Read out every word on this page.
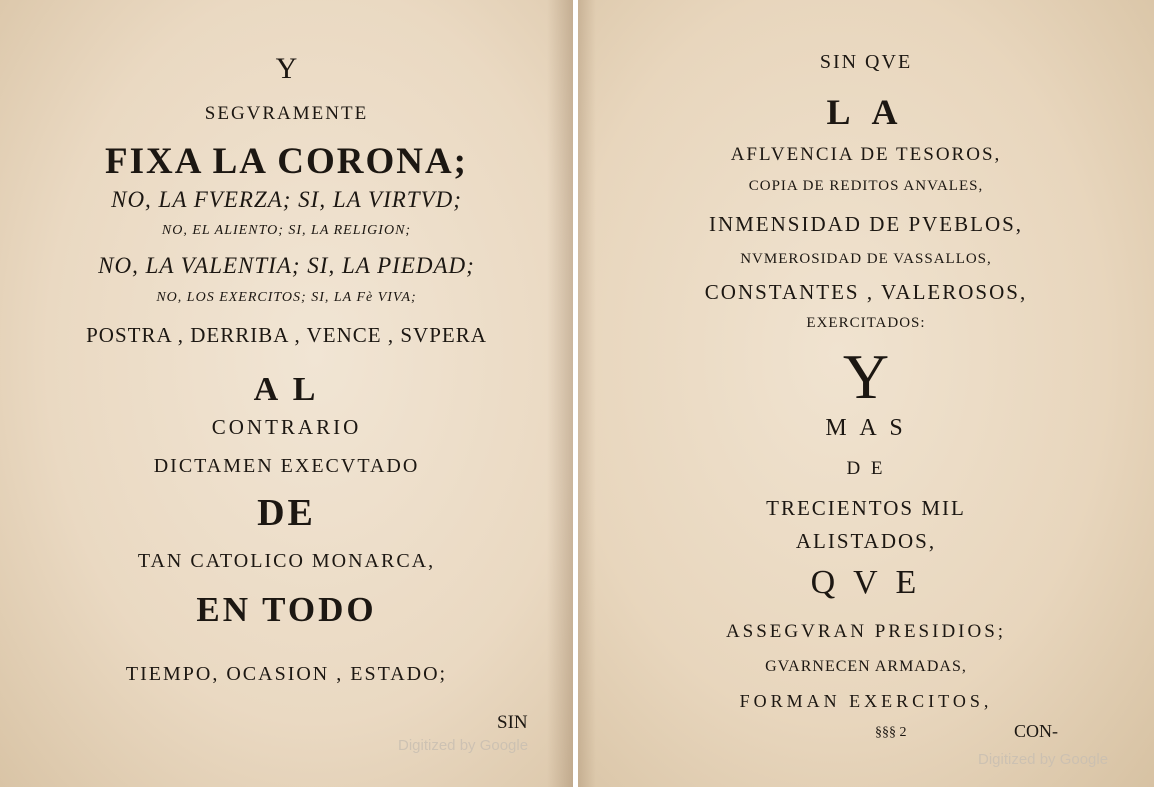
Y
SEGVRAMENTE
FIXA LA CORONA;
NO, LA FVERZA; SI, LA VIRTVD;
NO, EL ALIENTO; SI, LA RELIGION;
NO, LA VALENTIA; SI, LA PIEDAD;
NO, LOS EXERCITOS; SI, LA Fè VIVA;
POSTRA , DERRIBA , VENCE , SVPERA
A L
CONTRARIO
DICTAMEN EXECVTADO
DE
TAN CATOLICO MONARCA,
EN TODO
TIEMPO, OCASION , ESTADO;
SIN
Digitized by Google
SIN QVE
L A
AFLVENCIA DE TESOROS,
COPIA DE REDITOS ANVALES,
INMENSIDAD DE PVEBLOS,
NVMEROSIDAD DE VASSALLOS,
CONSTANTES , VALEROSOS,
EXERCITADOS:
Y
M A S
D E
TRECIENTOS MIL
ALISTADOS,
Q V E
ASSEGVRAN PRESIDIOS;
GVARNECEN ARMADAS,
FORMAN EXERCITOS,
§§§ 2	CON-
Digitized by Google
